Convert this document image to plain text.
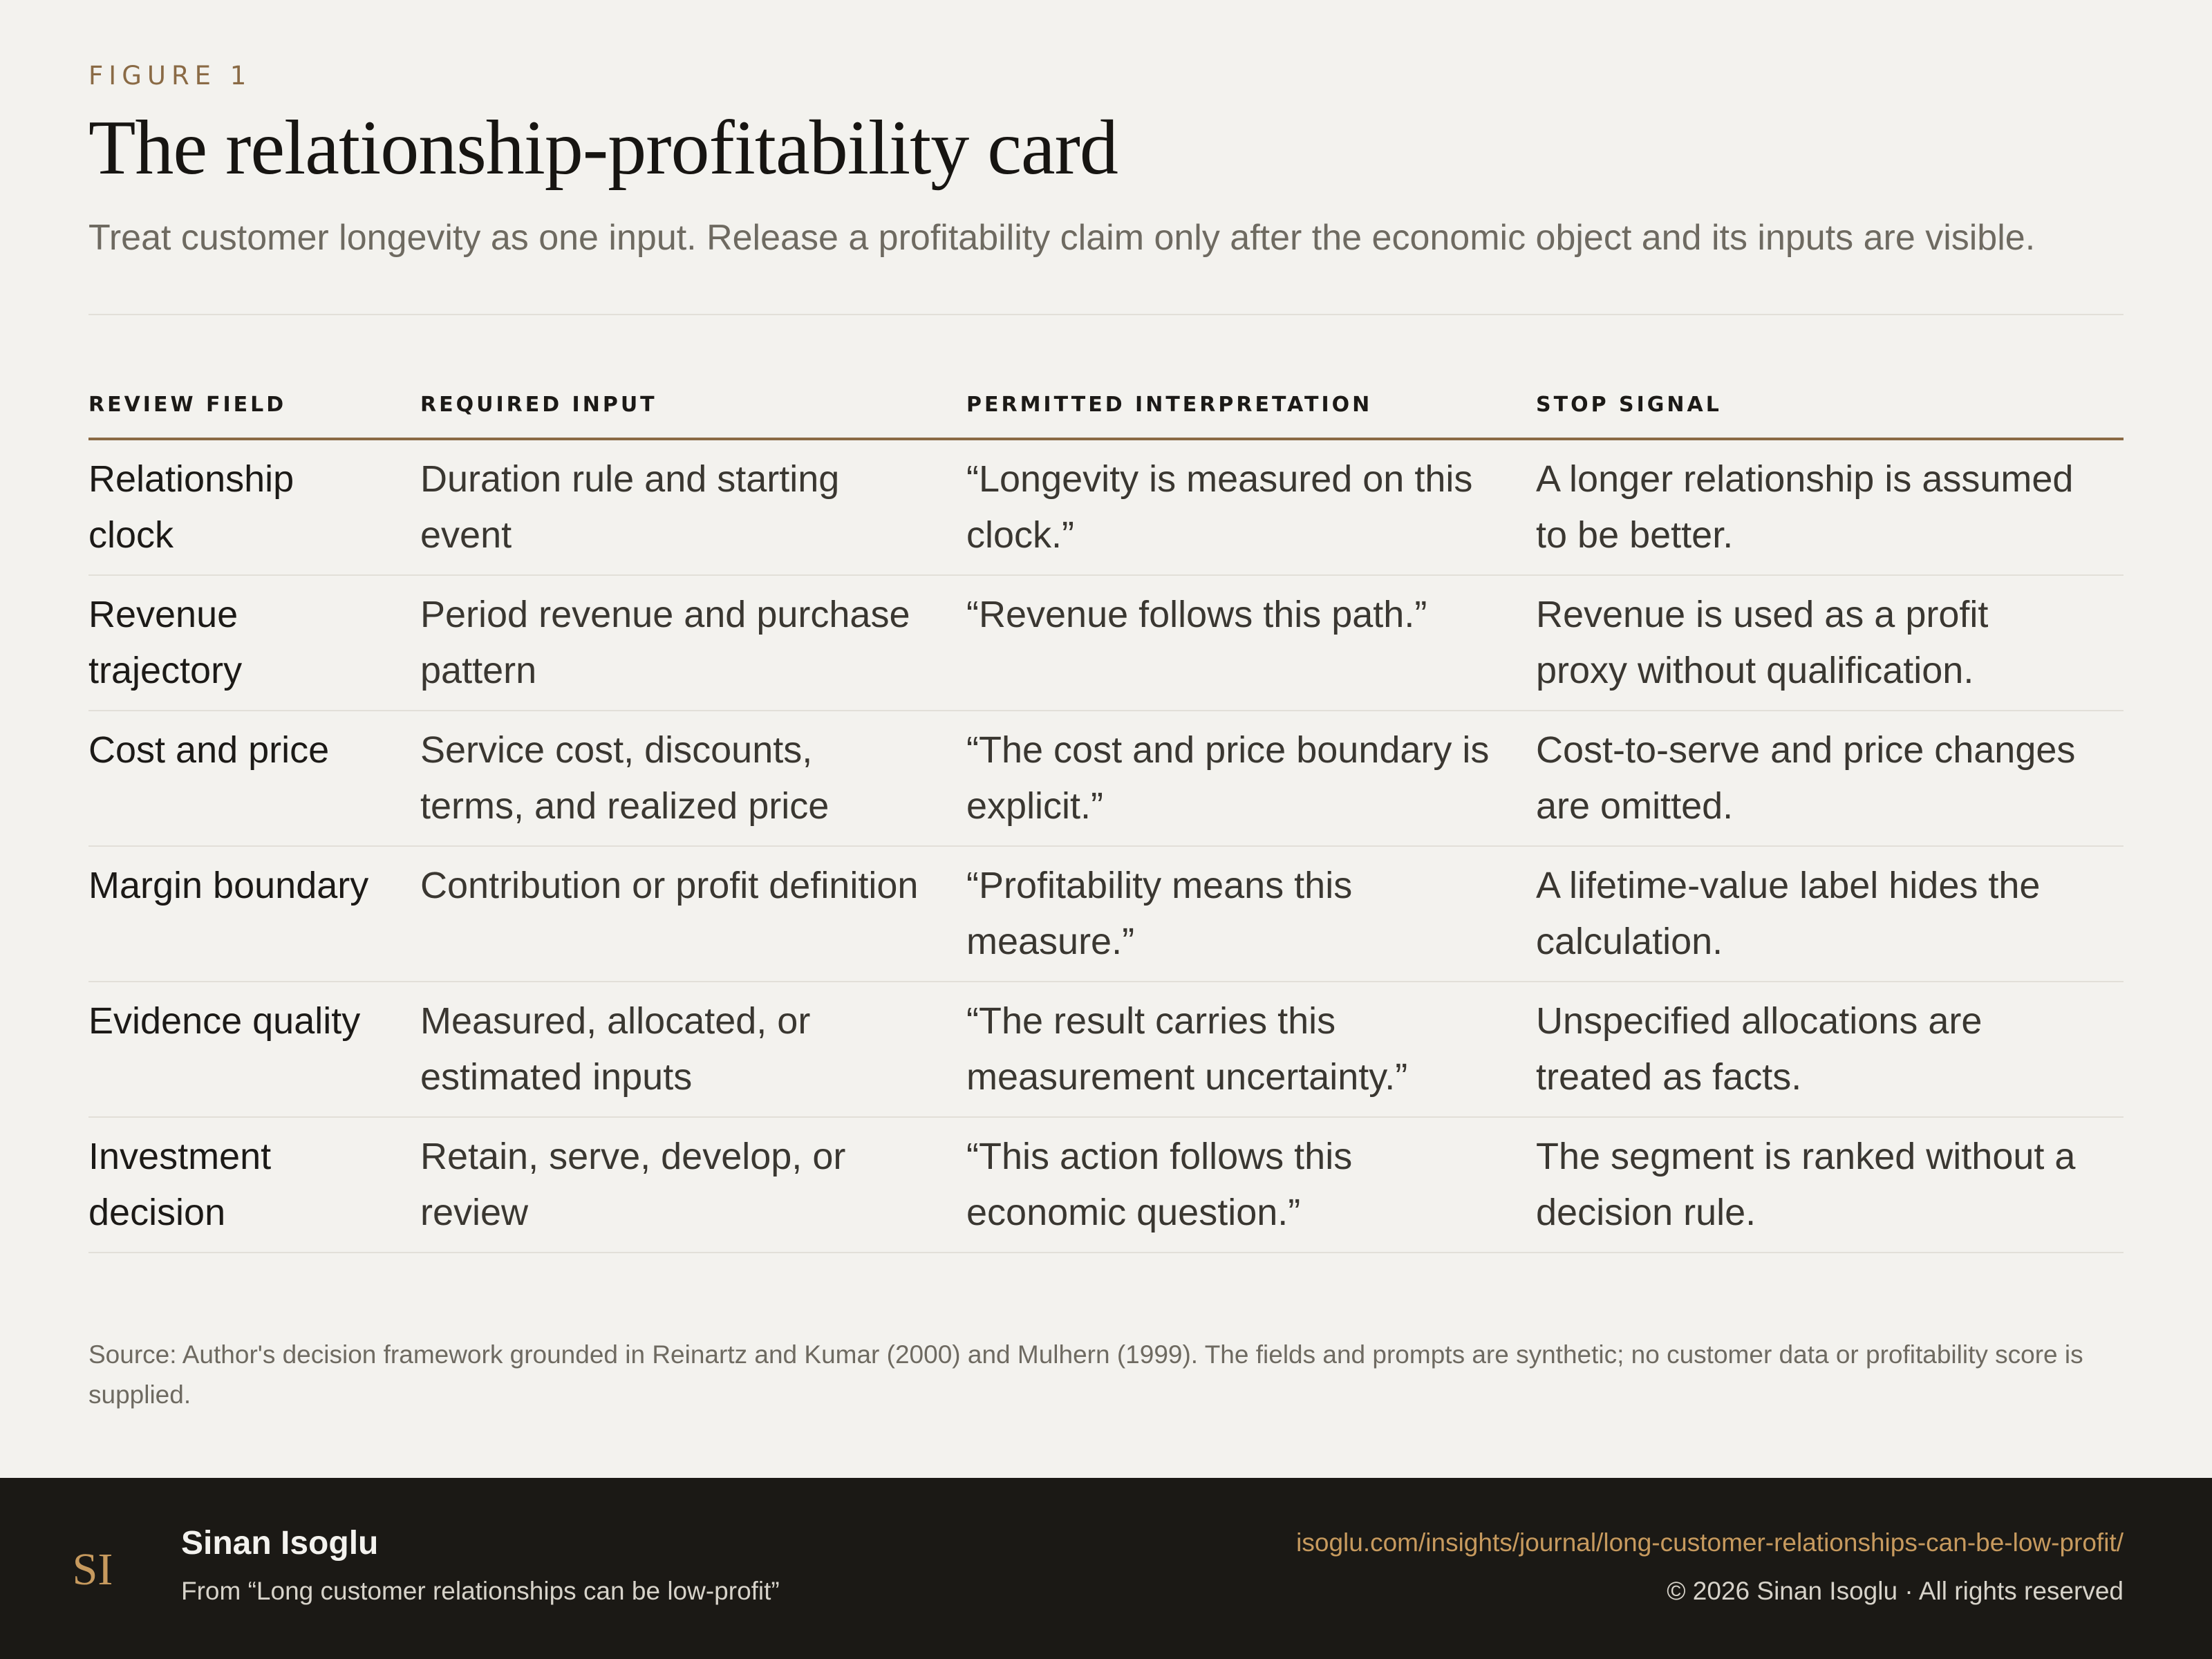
FIGURE 1
The relationship-profitability card
Treat customer longevity as one input. Release a profitability claim only after the economic object and its inputs are visible.
REVIEW FIELD	REQUIRED INPUT	PERMITTED INTERPRETATION	STOP SIGNAL
Relationship clock	Duration rule and starting event	“Longevity is measured on this clock.”	A longer relationship is assumed to be better.
Revenue trajectory	Period revenue and purchase pattern	“Revenue follows this path.”	Revenue is used as a profit proxy without qualification.
Cost and price	Service cost, discounts, terms, and realized price	“The cost and price boundary is explicit.”	Cost-to-serve and price changes are omitted.
Margin boundary	Contribution or profit definition	“Profitability means this measure.”	A lifetime-value label hides the calculation.
Evidence quality	Measured, allocated, or estimated inputs	“The result carries this measurement uncertainty.”	Unspecified allocations are treated as facts.
Investment decision	Retain, serve, develop, or review	“This action follows this economic question.”	The segment is ranked without a decision rule.
Source: Author's decision framework grounded in Reinartz and Kumar (2000) and Mulhern (1999). The fields and prompts are synthetic; no customer data or profitability score is supplied.
SI
Sinan Isoglu
From “Long customer relationships can be low-profit”
isoglu.com/insights/journal/long-customer-relationships-can-be-low-profit/
© 2026 Sinan Isoglu · All rights reserved
